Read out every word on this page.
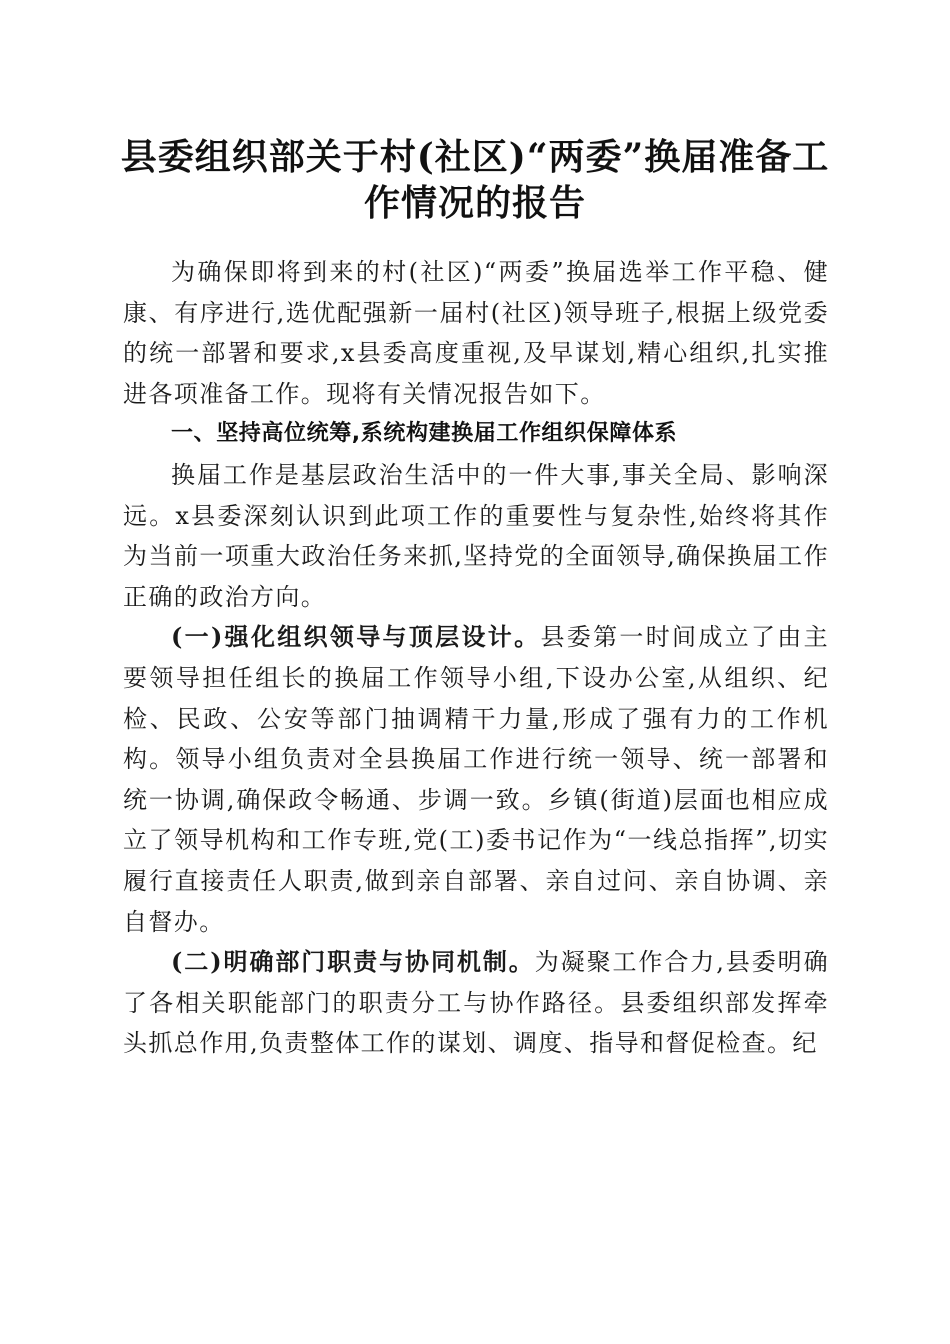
县委组织部关于村(社区)“两委”换届准备工作情况的报告

为确保即将到来的村(社区)“两委”换届选举工作平稳、健康、有序进行,选优配强新一届村(社区)领导班子,根据上级党委的统一部署和要求,x县委高度重视,及早谋划,精心组织,扎实推进各项准备工作。现将有关情况报告如下。

一、坚持高位统筹,系统构建换届工作组织保障体系

换届工作是基层政治生活中的一件大事,事关全局、影响深远。x县委深刻认识到此项工作的重要性与复杂性,始终将其作为当前一项重大政治任务来抓,坚持党的全面领导,确保换届工作正确的政治方向。

(一)强化组织领导与顶层设计。县委第一时间成立了由主要领导担任组长的换届工作领导小组,下设办公室,从组织、纪检、民政、公安等部门抽调精干力量,形成了强有力的工作机构。领导小组负责对全县换届工作进行统一领导、统一部署和统一协调,确保政令畅通、步调一致。乡镇(街道)层面也相应成立了领导机构和工作专班,党(工)委书记作为“一线总指挥”,切实履行直接责任人职责,做到亲自部署、亲自过问、亲自协调、亲自督办。

(二)明确部门职责与协同机制。为凝聚工作合力,县委明确了各相关职能部门的职责分工与协作路径。县委组织部发挥牵头抓总作用,负责整体工作的谋划、调度、指导和督促检查。纪
